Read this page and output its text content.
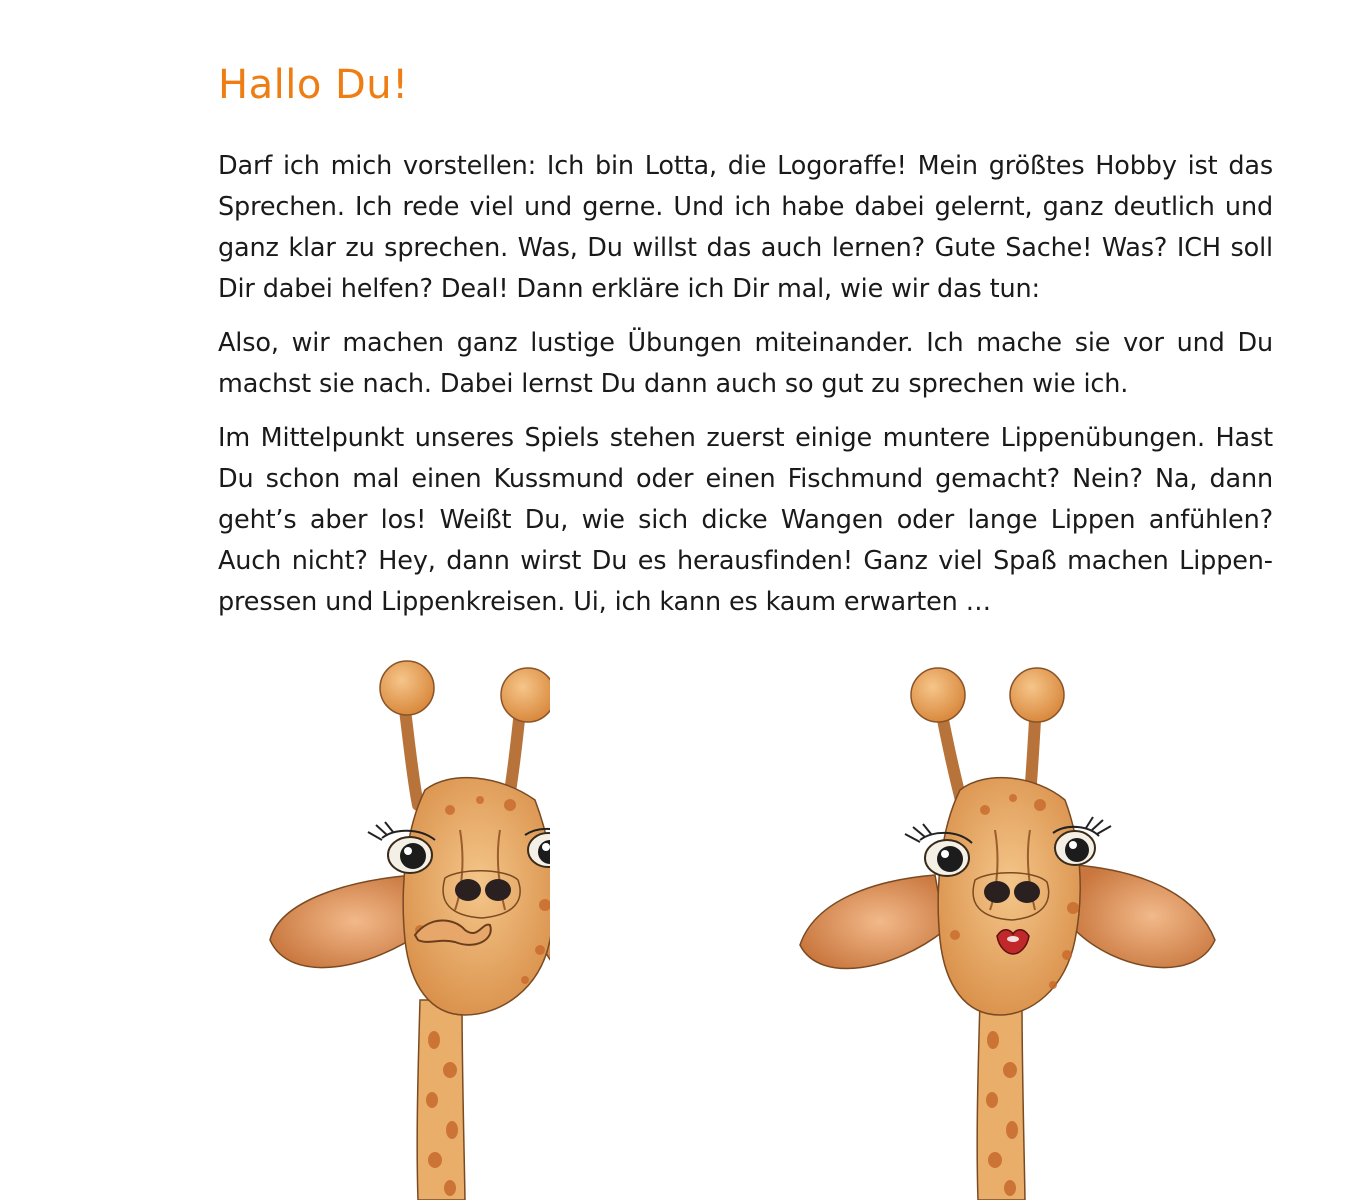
Hallo Du!

Darf ich mich vorstellen: Ich bin Lotta, die Logoraffe! Mein größtes Hobby ist das Sprechen. Ich rede viel und gerne. Und ich habe dabei gelernt, ganz deutlich und ganz klar zu sprechen. Was, Du willst das auch lernen? Gute Sache! Was? ICH soll Dir dabei helfen? Deal! Dann erkläre ich Dir mal, wie wir das tun:

Also, wir machen ganz lustige Übungen miteinander. Ich mache sie vor und Du machst sie nach. Dabei lernst Du dann auch so gut zu sprechen wie ich.

Im Mittelpunkt unseres Spiels stehen zuerst einige muntere Lippenübungen. Hast Du schon mal einen Kussmund oder einen Fischmund gemacht? Nein? Na, dann geht’s aber los! Weißt Du, wie sich dicke Wangen oder lange Lippen anfühlen? Auch nicht? Hey, dann wirst Du es herausfinden! Ganz viel Spaß machen Lippenpressen und Lippenkreisen. Ui, ich kann es kaum erwarten …
